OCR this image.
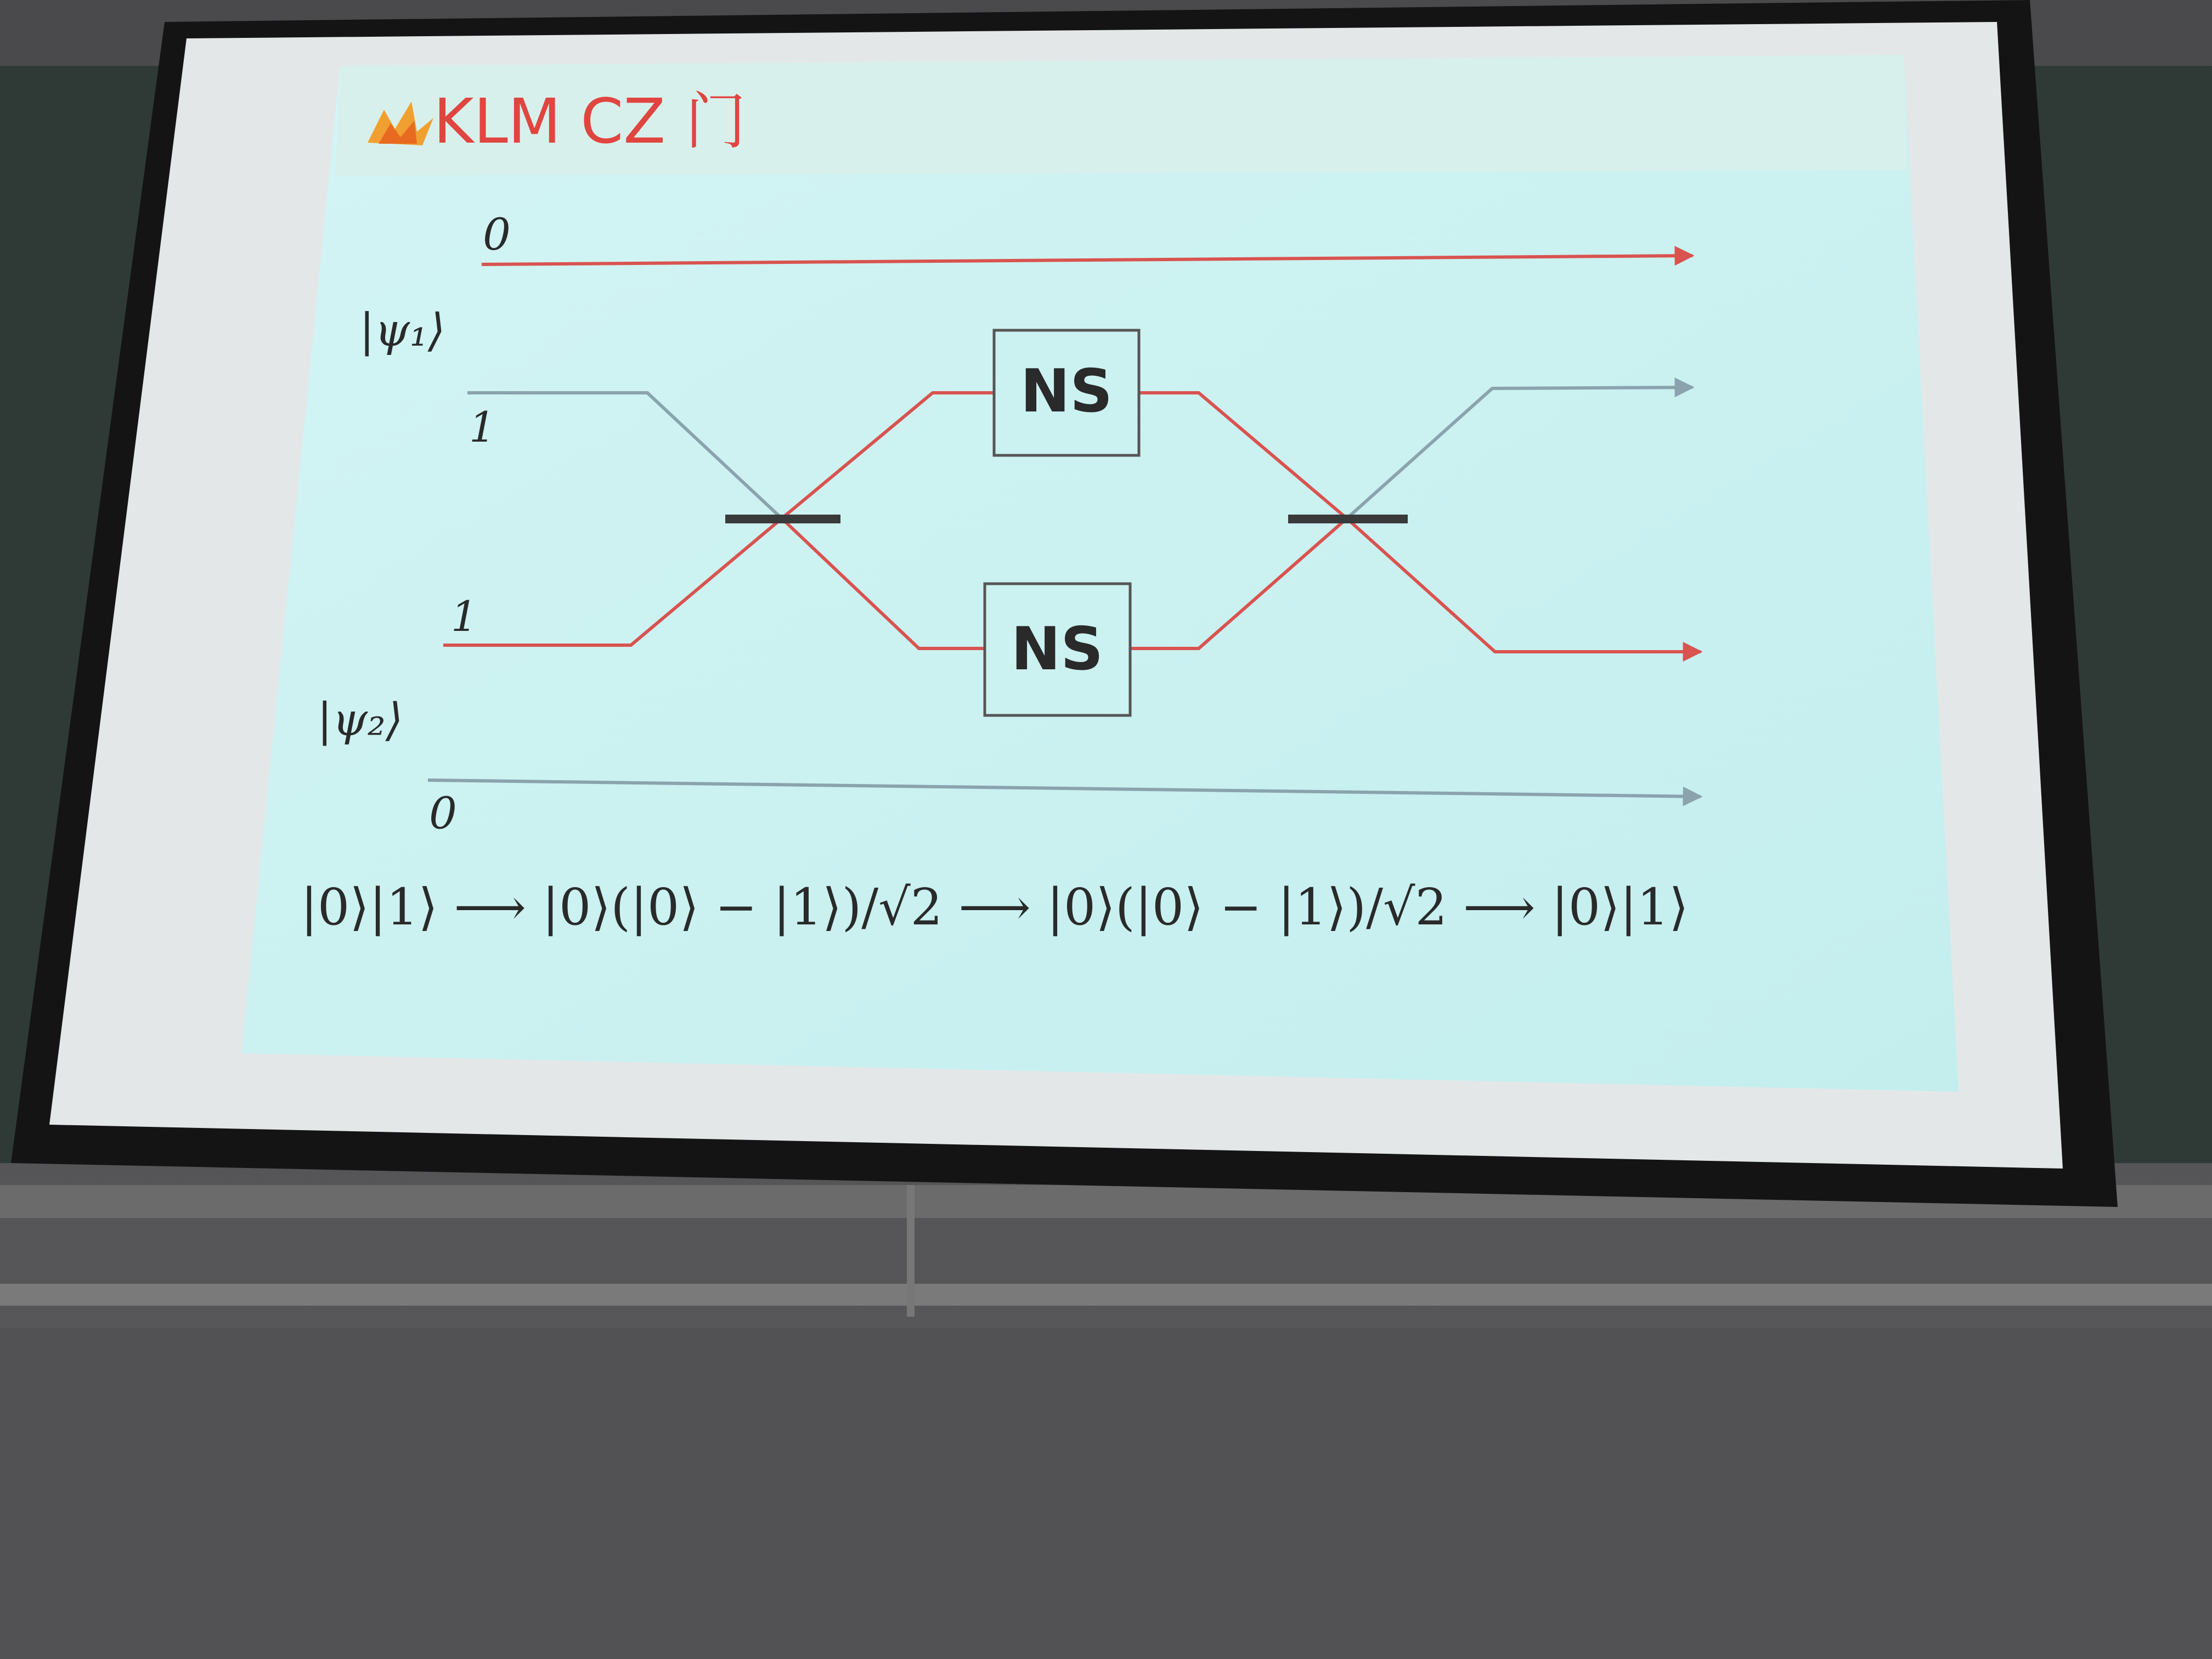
KLM CZ 门
0
|ψ₁⟩
1
1
NS
NS
|ψ₂⟩
0
|0⟩|1⟩ ⟶ |0⟩(|0⟩ − |1⟩)/√2 ⟶ |0⟩(|0⟩ − |1⟩)/√2 ⟶ |0⟩|1⟩
